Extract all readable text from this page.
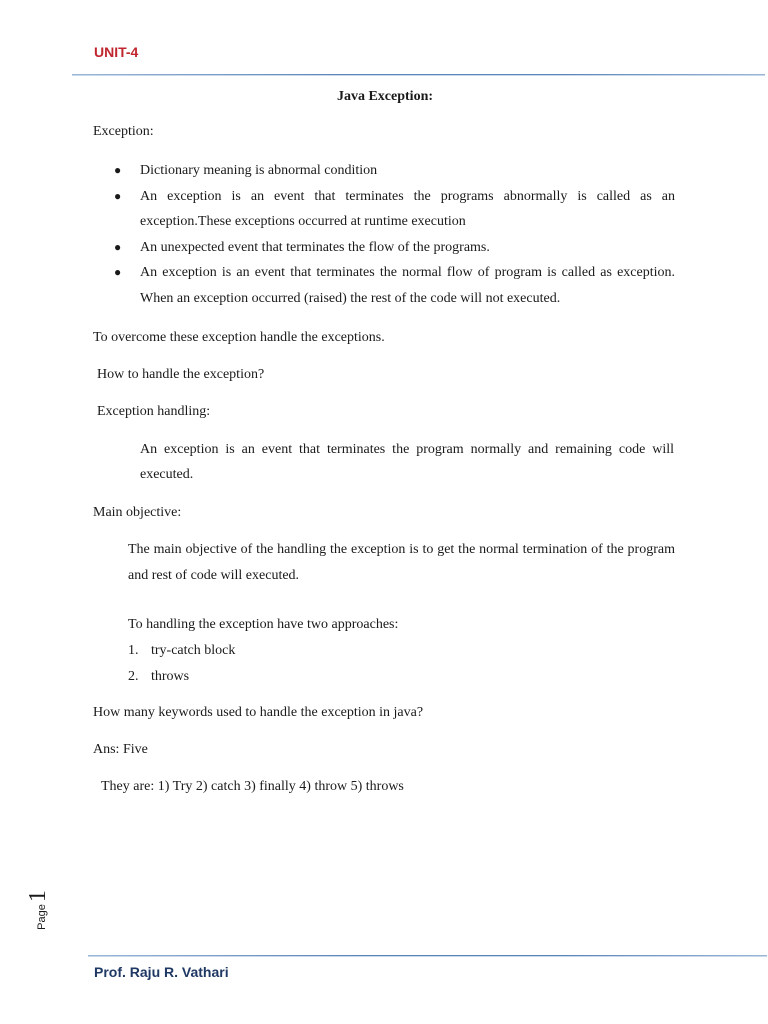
UNIT-4
Java Exception:
Exception:
● Dictionary meaning is abnormal condition
● An exception is an event that terminates the programs abnormally is called as an exception.These exceptions occurred at runtime execution
● An unexpected event that terminates the flow of the programs.
● An exception is an event that terminates the normal flow of program is called as exception. When an exception occurred (raised) the rest of the code will not executed.
To overcome these exception handle the exceptions.
How to handle the exception?
Exception handling:
An exception is an event that terminates the program normally and remaining code will executed.
Main objective:
The main objective of the handling the exception is to get the normal termination of the program and rest of code will executed.
To handling the exception have two approaches:
1. try-catch block
2. throws
How many keywords used to handle the exception in java?
Ans: Five
They are: 1) Try 2) catch 3) finally 4) throw 5) throws
Page
1
Prof. Raju R. Vathari
